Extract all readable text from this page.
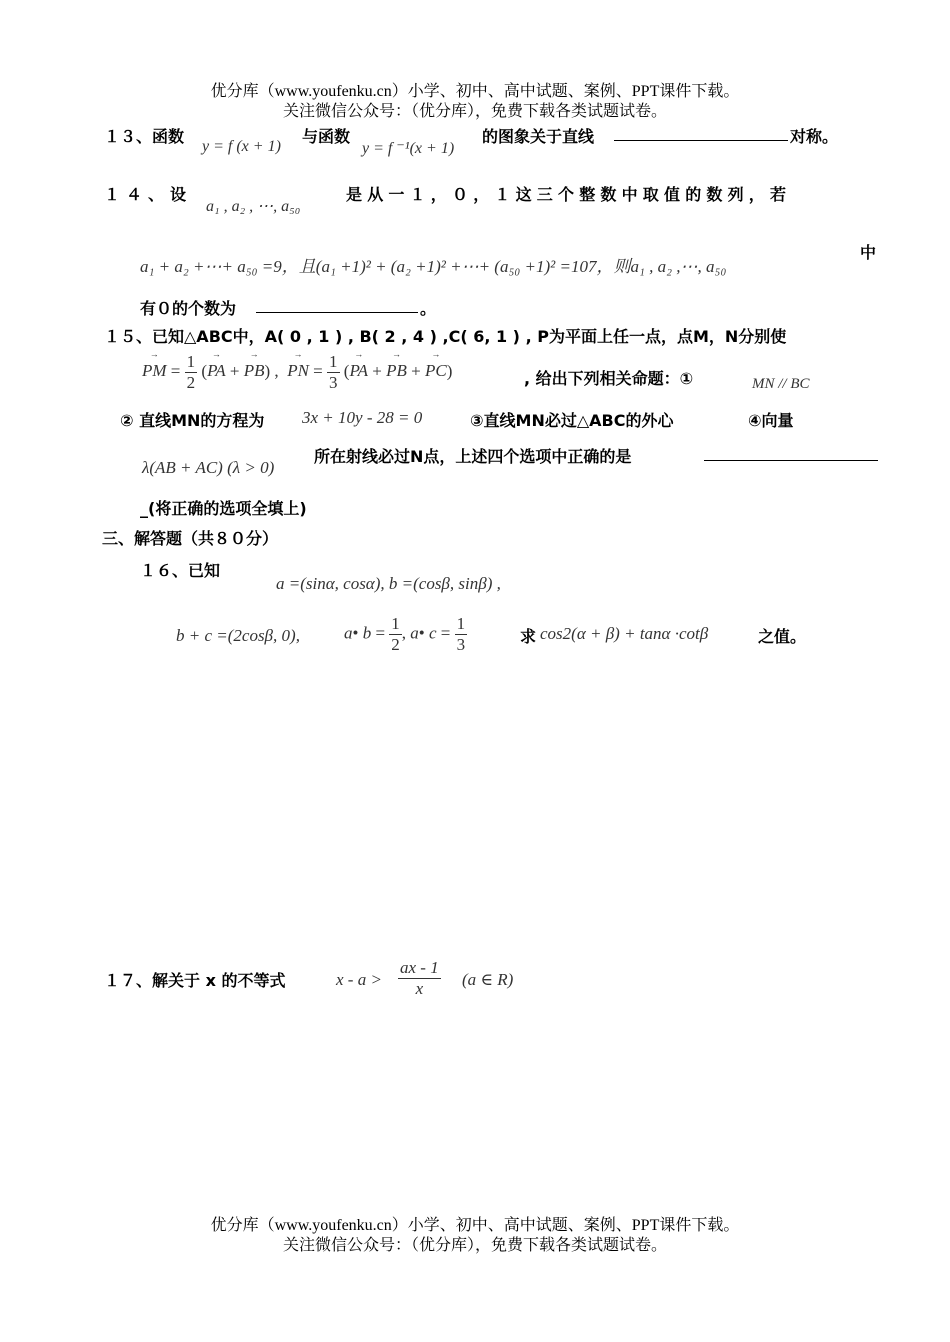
优分库（www.youfenku.cn）小学、初中、高中试题、案例、PPT课件下载。
关注微信公众号：（优分库），免费下载各类试题试卷。
１３、函数
y = f (x + 1)
与函数
y = f ⁻¹(x + 1)
的图象关于直线	对称。
１４、设
a₁ , a₂ , ⋯, a₅₀
是从一１，０，１这三个整数中取值的数列，若
a₁ + a₂ +⋯+ a₅₀ =9，且(a₁ +1)² + (a₂ +1)² +⋯+ (a₅₀ +1)² =107，则a₁ , a₂ ,⋯, a₅₀
中
有０的个数为	。
１５、已知△ABC中，A( 0 , 1 ) , B( 2 , 4 ) ,C( 6, 1 ) , P为平面上任一点，点M，N分别使
→ PM = $\frac{1}{2}$ (→ PA + → PB) ,  → PN = $\frac{1}{3}$ (→ PA + → PB + → PC)	, 给出下列相关命题：①	MN // BC
② 直线MN的方程为 3x + 10y - 28 = 0	③直线MN必过△ABC的外心	④向量
λ(AB + AC) (λ > 0)
所在射线必过N点，上述四个选项中正确的是
_(将正确的选项全填上)
三、解答题（共８０分）
１６、已知
a =(sinα, cosα), b =(cosβ, sinβ) ,
b + c =(2cosβ, 0),	a• $b = \frac{1}{2}$ , a• $c = \frac{1}{3}$	求 cos2(α + β) + tanα ·cotβ	之值。
１７、解关于 x 的不等式	$x - a > \frac{ax - 1}{x} (a$ ∈ R)
优分库（www.youfenku.cn）小学、初中、高中试题、案例、PPT课件下载。
关注微信公众号：（优分库），免费下载各类试题试卷。
